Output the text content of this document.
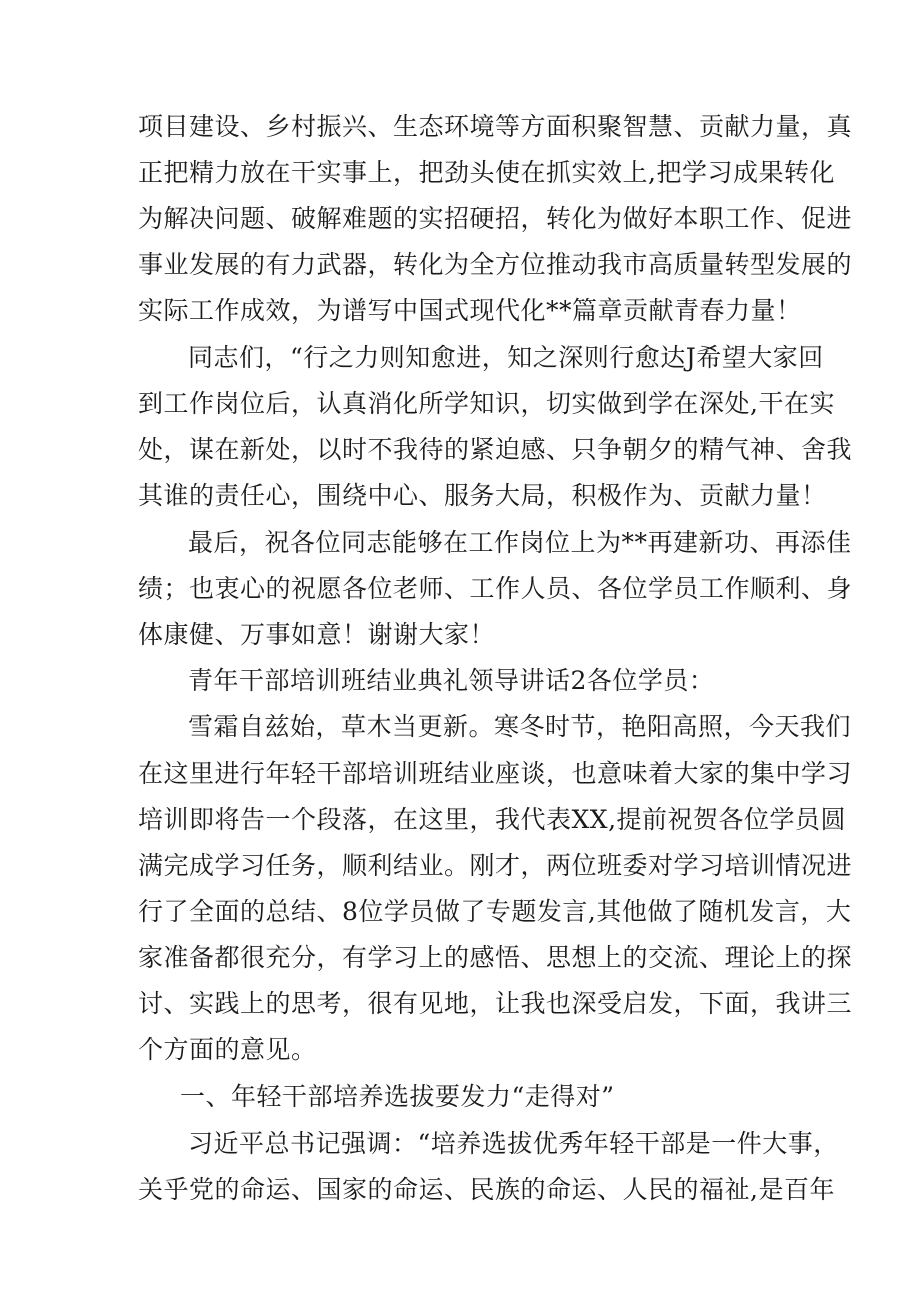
项目建设、乡村振兴、生态环境等方面积聚智慧、贡献力量，真
正把精力放在干实事上，把劲头使在抓实效上,把学习成果转化
为解决问题、破解难题的实招硬招，转化为做好本职工作、促进
事业发展的有力武器，转化为全方位推动我市高质量转型发展的
实际工作成效，为谱写中国式现代化**篇章贡献青春力量！
同志们，“行之力则知愈进，知之深则行愈达J希望大家回
到工作岗位后，认真消化所学知识，切实做到学在深处,干在实
处，谋在新处，以时不我待的紧迫感、只争朝夕的精气神、舍我
其谁的责任心，围绕中心、服务大局，积极作为、贡献力量！
最后，祝各位同志能够在工作岗位上为**再建新功、再添佳
绩；也衷心的祝愿各位老师、工作人员、各位学员工作顺利、身
体康健、万事如意！谢谢大家！
青年干部培训班结业典礼领导讲话2各位学员：
雪霜自兹始，草木当更新。寒冬时节，艳阳高照，今天我们
在这里进行年轻干部培训班结业座谈，也意味着大家的集中学习
培训即将告一个段落，在这里，我代表XX,提前祝贺各位学员圆
满完成学习任务，顺利结业。刚才，两位班委对学习培训情况进
行了全面的总结、8位学员做了专题发言,其他做了随机发言，大
家准备都很充分，有学习上的感悟、思想上的交流、理论上的探
讨、实践上的思考，很有见地，让我也深受启发，下面，我讲三
个方面的意见。
一、年轻干部培养选拔要发力“走得对”
习近平总书记强调：“培养选拔优秀年轻干部是一件大事，
关乎党的命运、国家的命运、民族的命运、人民的福祉,是百年
